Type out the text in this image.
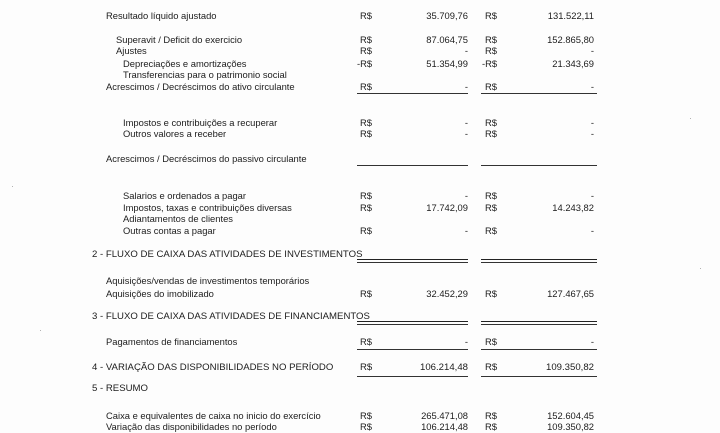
Resultado líquido ajustado	R$	35.709,76 R$	131.522,11
Superavit / Deficit do exercicio	R$	87.064,75 R$	152.865,80
Ajustes	R$	- R$	-
Depreciações e amortizações	-R$	51.354,99 -R$	21.343,69
Transferencias para o patrimonio social
Acrescimos / Decréscimos do ativo circulante	R$	- R$	-
Impostos e contribuições a recuperar	R$	- R$	-
Outros valores a receber	R$	- R$	-
Acrescimos / Decréscimos do passivo circulante
Salarios e ordenados a pagar	R$	- R$	-
Impostos, taxas e contribuições diversas	R$	17.742,09 R$	14.243,82
Adiantamentos de clientes
Outras contas a pagar	R$	- R$	-
2 - FLUXO DE CAIXA DAS ATIVIDADES DE INVESTIMENTOS
Aquisições/vendas de investimentos temporários
Aquisições do imobilizado	R$	32.452,29 R$	127.467,65
3 - FLUXO DE CAIXA DAS ATIVIDADES DE FINANCIAMENTOS
Pagamentos de financiamentos	R$	- R$	-
4 - VARIAÇÃO DAS DISPONIBILIDADES NO PERÍODO	R$	106.214,48 R$	109.350,82
5 - RESUMO
Caixa e equivalentes de caixa no inicio do exercício	R$	265.471,08 R$	152.604,45
Variação das disponibilidades no período	R$	106.214,48 R$	109.350,82
